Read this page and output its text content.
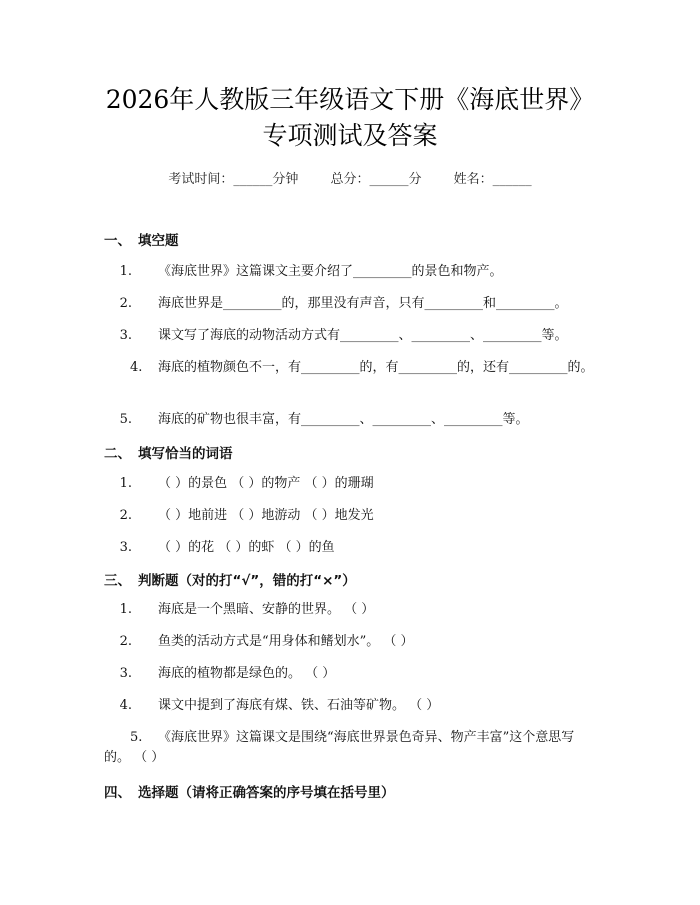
2026年人教版三年级语文下册《海底世界》
专项测试及答案
考试时间：______分钟 总分：______分 姓名：______
一、 填空题
1. 《海底世界》这篇课文主要介绍了_________的景色和物产。
2. 海底世界是_________的，那里没有声音，只有_________和_________。
3. 课文写了海底的动物活动方式有_________、_________、_________等。
4. 海底的植物颜色不一，有_________的，有_________的，还有_________的。
5. 海底的矿物也很丰富，有_________、_________、_________等。
二、 填写恰当的词语
1. （ ）的景色 （ ）的物产 （ ）的珊瑚
2. （ ）地前进 （ ）地游动 （ ）地发光
3. （ ）的花 （ ）的虾 （ ）的鱼
三、 判断题（对的打“√”，错的打“×”）
1. 海底是一个黑暗、安静的世界。 （ ）
2. 鱼类的活动方式是“用身体和鳍划水”。 （ ）
3. 海底的植物都是绿色的。 （ ）
4. 课文中提到了海底有煤、铁、石油等矿物。 （ ）
5. 《海底世界》这篇课文是围绕“海底世界景色奇异、物产丰富”这个意思写的。 （ ）
四、 选择题（请将正确答案的序号填在括号里）
